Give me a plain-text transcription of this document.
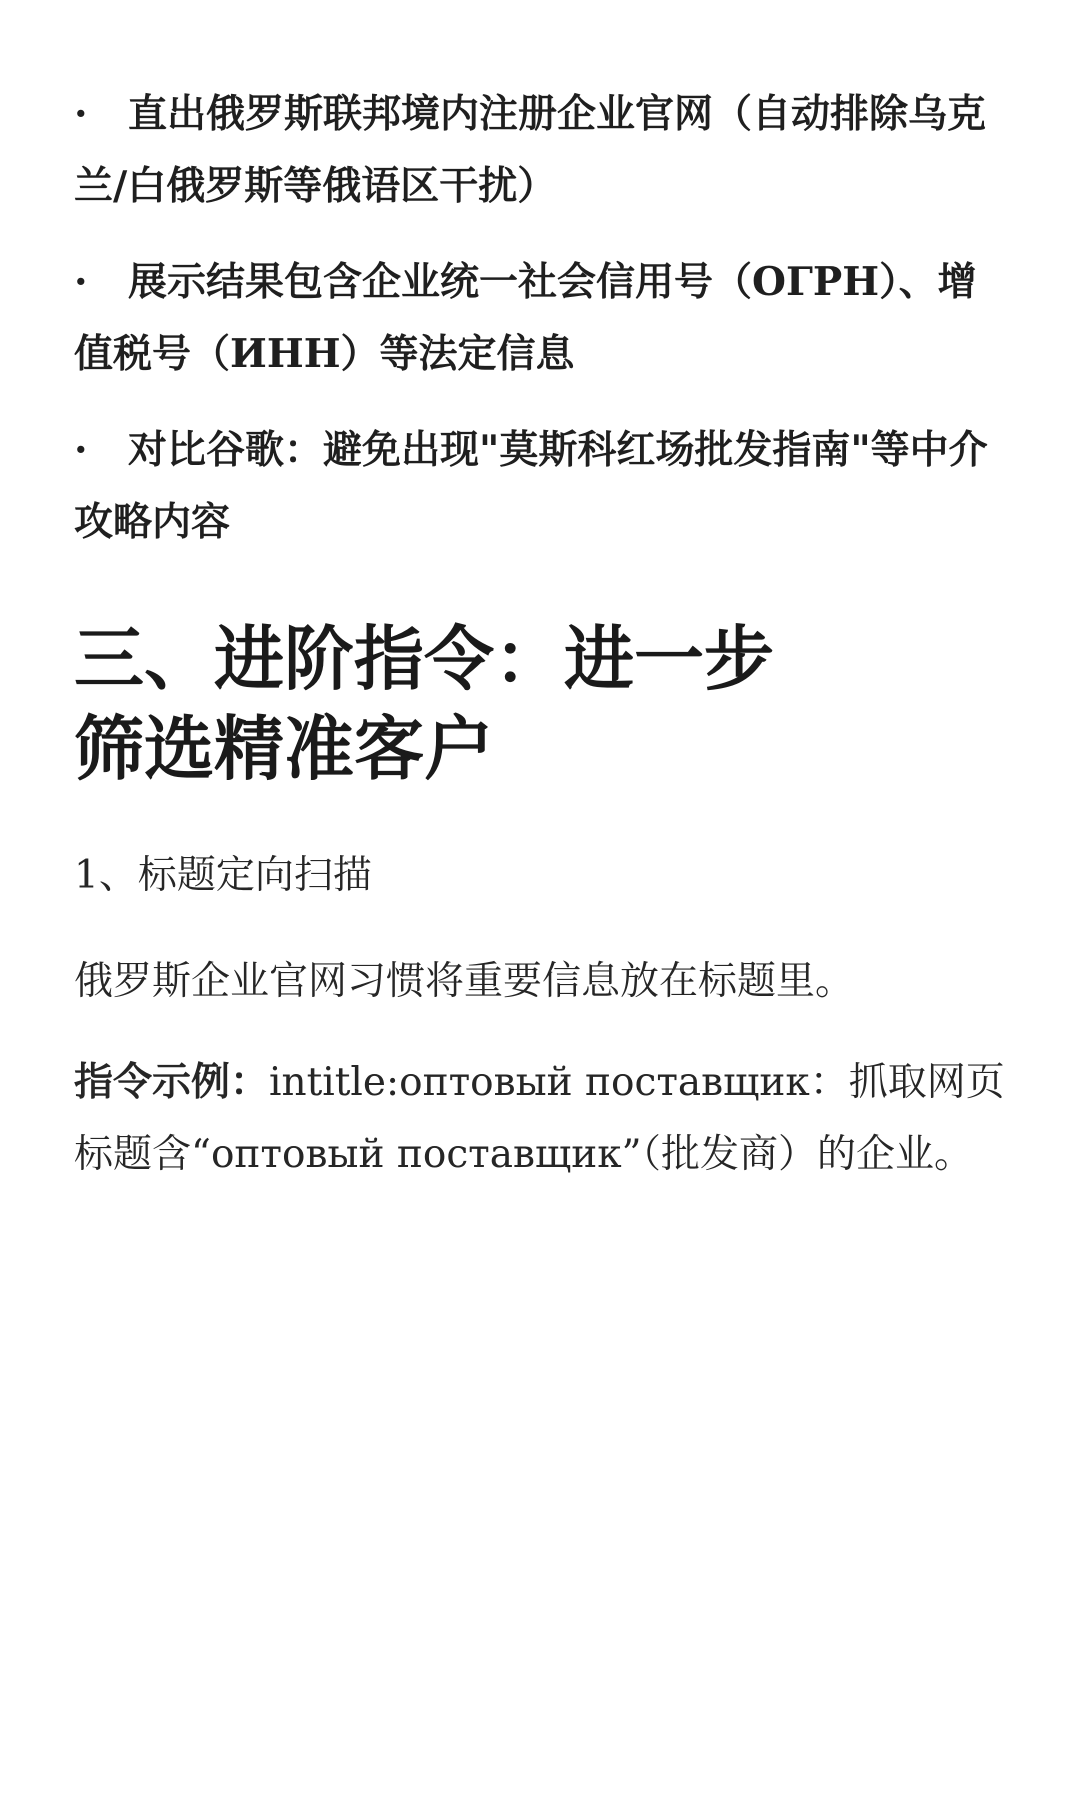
· 直出俄罗斯联邦境内注册企业官网（自动排除乌克兰/白俄罗斯等俄语区干扰）

· 展示结果包含企业统一社会信用号（ОГРН）、增值税号（ИНН）等法定信息

· 对比谷歌：避免出现"莫斯科红场批发指南"等中介攻略内容

三、进阶指令：进一步
筛选精准客户

1、标题定向扫描

俄罗斯企业官网习惯将重要信息放在标题里。

指令示例：intitle:оптовый поставщик：抓取网页标题含“оптовый поставщик”（批发商）的企业。
